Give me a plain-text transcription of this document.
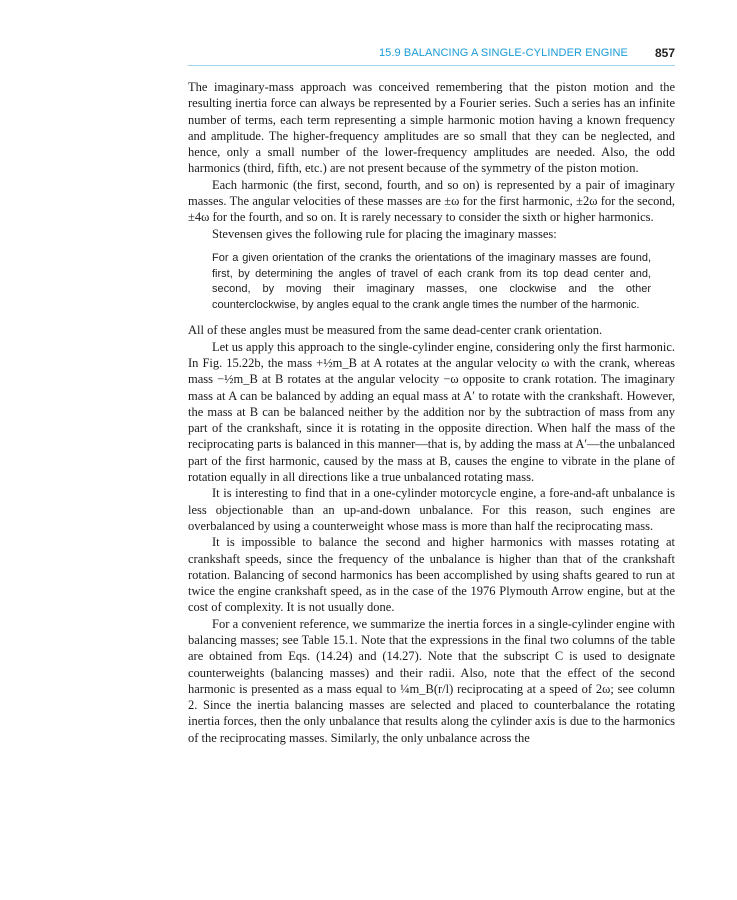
15.9 BALANCING A SINGLE-CYLINDER ENGINE 857

The imaginary-mass approach was conceived remembering that the piston motion and the resulting inertia force can always be represented by a Fourier series. Such a series has an infinite number of terms, each term representing a simple harmonic motion having a known frequency and amplitude. The higher-frequency amplitudes are so small that they can be neglected, and hence, only a small number of the lower-frequency amplitudes are needed. Also, the odd harmonics (third, fifth, etc.) are not present because of the symmetry of the piston motion.

Each harmonic (the first, second, fourth, and so on) is represented by a pair of imaginary masses. The angular velocities of these masses are ±ω for the first harmonic, ±2ω for the second, ±4ω for the fourth, and so on. It is rarely necessary to consider the sixth or higher harmonics.

Stevensen gives the following rule for placing the imaginary masses:

For a given orientation of the cranks the orientations of the imaginary masses are found, first, by determining the angles of travel of each crank from its top dead center and, second, by moving their imaginary masses, one clockwise and the other counterclockwise, by angles equal to the crank angle times the number of the harmonic.

All of these angles must be measured from the same dead-center crank orientation.

Let us apply this approach to the single-cylinder engine, considering only the first harmonic. In Fig. 15.22b, the mass +½m_B at A rotates at the angular velocity ω with the crank, whereas mass −½m_B at B rotates at the angular velocity −ω opposite to crank rotation. The imaginary mass at A can be balanced by adding an equal mass at A′ to rotate with the crankshaft. However, the mass at B can be balanced neither by the addition nor by the subtraction of mass from any part of the crankshaft, since it is rotating in the opposite direction. When half the mass of the reciprocating parts is balanced in this manner—that is, by adding the mass at A′—the unbalanced part of the first harmonic, caused by the mass at B, causes the engine to vibrate in the plane of rotation equally in all directions like a true unbalanced rotating mass.

It is interesting to find that in a one-cylinder motorcycle engine, a fore-and-aft unbalance is less objectionable than an up-and-down unbalance. For this reason, such engines are overbalanced by using a counterweight whose mass is more than half the reciprocating mass.

It is impossible to balance the second and higher harmonics with masses rotating at crankshaft speeds, since the frequency of the unbalance is higher than that of the crankshaft rotation. Balancing of second harmonics has been accomplished by using shafts geared to run at twice the engine crankshaft speed, as in the case of the 1976 Plymouth Arrow engine, but at the cost of complexity. It is not usually done.

For a convenient reference, we summarize the inertia forces in a single-cylinder engine with balancing masses; see Table 15.1. Note that the expressions in the final two columns of the table are obtained from Eqs. (14.24) and (14.27). Note that the subscript C is used to designate counterweights (balancing masses) and their radii. Also, note that the effect of the second harmonic is presented as a mass equal to ¼m_B(r/l) reciprocating at a speed of 2ω; see column 2. Since the inertia balancing masses are selected and placed to counterbalance the rotating inertia forces, then the only unbalance that results along the cylinder axis is due to the harmonics of the reciprocating masses. Similarly, the only unbalance across the
